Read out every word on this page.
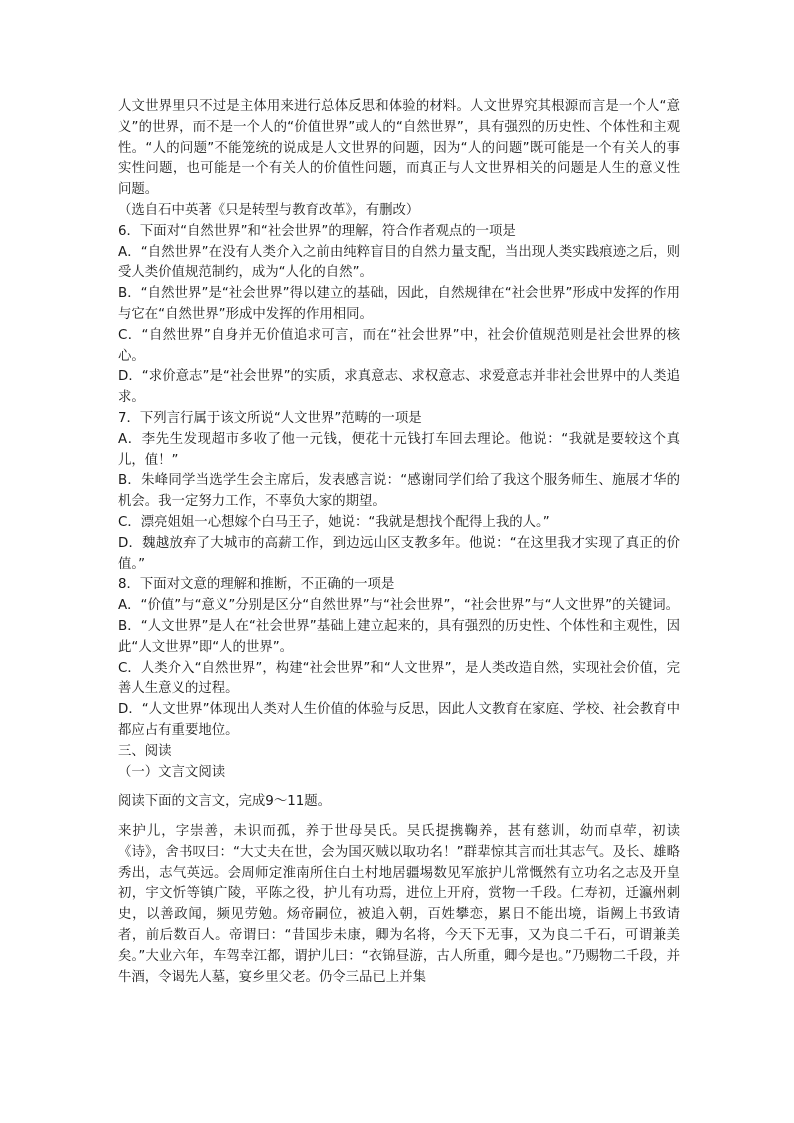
人文世界里只不过是主体用来进行总体反思和体验的材料。人文世界究其根源而言是一个人“意义”的世界，而不是一个人的“价值世界”或人的“自然世界”，具有强烈的历史性、个体性和主观性。“人的问题”不能笼统的说成是人文世界的问题，因为“人的问题”既可能是一个有关人的事实性问题，也可能是一个有关人的价值性问题，而真正与人文世界相关的问题是人生的意义性问题。

（选自石中英著《只是转型与教育改革》，有删改）

6．下面对“自然世界”和“社会世界”的理解，符合作者观点的一项是

A．“自然世界”在没有人类介入之前由纯粹盲目的自然力量支配，当出现人类实践痕迹之后，则受人类价值规范制约，成为“人化的自然”。

B．“自然世界”是“社会世界”得以建立的基础，因此，自然规律在“社会世界”形成中发挥的作用与它在“自然世界”形成中发挥的作用相同。

C．“自然世界”自身并无价值追求可言，而在“社会世界”中，社会价值规范则是社会世界的核心。

D．“求价意志”是“社会世界”的实质，求真意志、求权意志、求爱意志并非社会世界中的人类追求。

7．下列言行属于该文所说“人文世界”范畴的一项是

A．李先生发现超市多收了他一元钱，便花十元钱打车回去理论。他说：“我就是要较这个真儿，值！”

B．朱峰同学当选学生会主席后，发表感言说：“感谢同学们给了我这个服务师生、施展才华的机会。我一定努力工作，不辜负大家的期望。

C．漂亮姐姐一心想嫁个白马王子，她说：“我就是想找个配得上我的人。”

D．魏越放弃了大城市的高薪工作，到边远山区支教多年。他说：“在这里我才实现了真正的价值。”

8．下面对文意的理解和推断，不正确的一项是

A．“价值”与“意义”分别是区分“自然世界”与“社会世界”，“社会世界”与“人文世界”的关键词。

B．“人文世界”是人在“社会世界”基础上建立起来的，具有强烈的历史性、个体性和主观性，因此“人文世界”即“人的世界”。

C．人类介入“自然世界”，构建“社会世界”和“人文世界”，是人类改造自然，实现社会价值，完善人生意义的过程。

D．“人文世界”体现出人类对人生价值的体验与反思，因此人文教育在家庭、学校、社会教育中都应占有重要地位。

三、阅读

（一）文言文阅读

阅读下面的文言文，完成9～11题。

来护儿，字崇善，未识而孤，养于世母吴氏。吴氏提携鞠养，甚有慈训，幼而卓荦，初读《诗》，舍书叹曰：“大丈夫在世，会为国灭贼以取功名！”群辈惊其言而壮其志气。及长、雄略秀出，志气英远。会周师定淮南所住白土村地居疆埸数见军旅护儿常慨然有立功名之志及开皇初，宇文忻等镇广陵，平陈之役，护儿有功焉，进位上开府，赏物一千段。仁寿初，迁瀛州刺史，以善政闻，频见劳勉。炀帝嗣位，被追入朝，百姓攀恋，累日不能出境，诣阙上书致请者，前后数百人。帝谓曰：“昔国步未康，卿为名将，今天下无事，又为良二千石，可谓兼美矣。”大业六年，车驾幸江都，谓护儿曰：“衣锦昼游，古人所重，卿今是也。”乃赐物二千段，并牛酒，令谒先人墓，宴乡里父老。仍令三品已上并集
